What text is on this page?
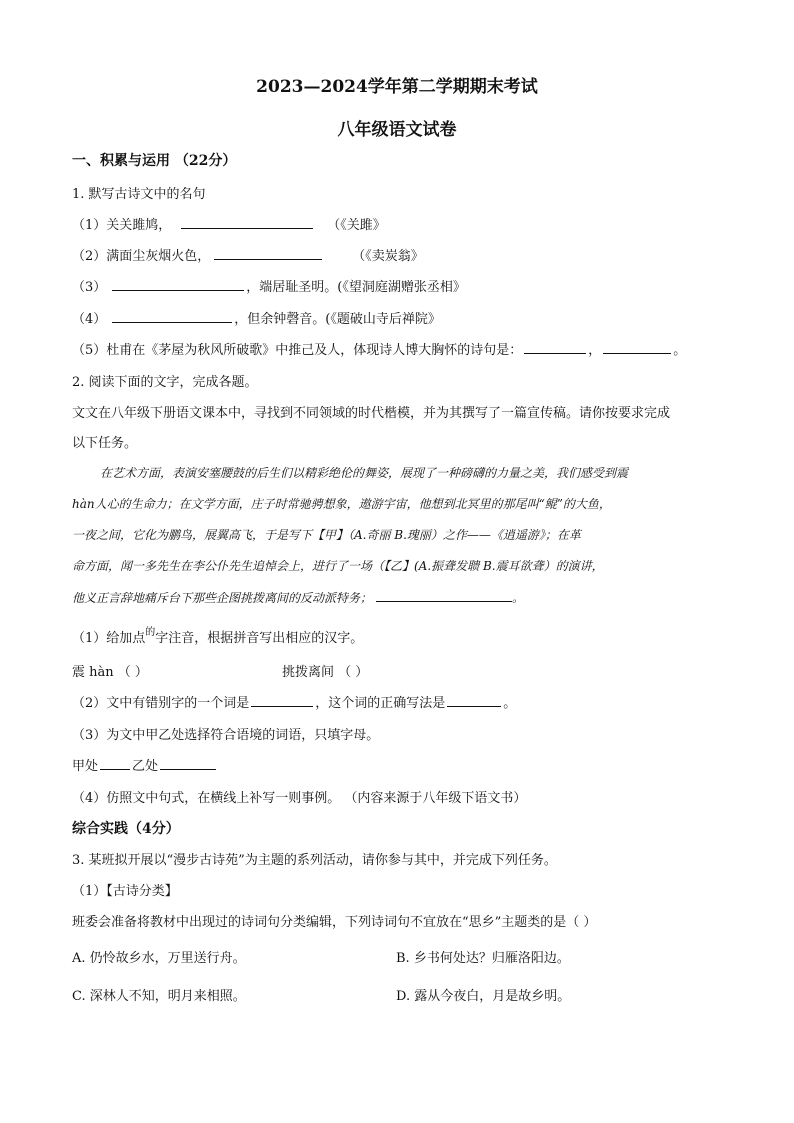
2023—2024学年第二学期期末考试
八年级语文试卷
一、积累与运用 （22分）
1. 默写古诗文中的名句
（1）关关雎鸠，	（《关雎》
（2）满面尘灰烟火色，	（《卖炭翁》
（3）	，端居耻圣明。(《望洞庭湖赠张丞相》
（4）	，但余钟磬音。(《题破山寺后禅院》
（5）杜甫在《茅屋为秋风所破歌》中推己及人，体现诗人博大胸怀的诗句是：	，	。
2. 阅读下面的文字，完成各题。
文文在八年级下册语文课本中，寻找到不同领域的时代楷模，并为其撰写了一篇宣传稿。请你按要求完成
以下任务。
在艺术方面，表演安塞腰鼓的后生们以精彩绝伦的舞姿，展现了一种磅礴的力量之美，我们感受到震
hàn人心的生命力；在文学方面，庄子时常驰骋想象，遨游宇宙，他想到北冥里的那尾叫“鲲”的大鱼，
一夜之间，它化为鹏鸟，展翼高飞，于是写下【甲】（A.奇丽 B.瑰丽）之作——《逍遥游》；在革
命方面，闻一多先生在李公仆先生追悼会上，进行了一场（【乙】(A.振聋发聩 B.震耳欲聋）的演讲，
他义正言辞地痛斥台下那些企图挑拨离间的反动派特务；	。
（1）给加点$^的$字注音，根据拼音写出相应的汉字。
震 hàn （ ）	挑拨离间 （ ）
（2）文中有错别字的一个词是	，这个词的正确写法是	。
（3）为文中甲乙处选择符合语境的词语，只填字母。
甲处	乙处
（4）仿照文中句式，在横线上补写一则事例。 （内容来源于八年级下语文书）
综合实践（4分）
3. 某班拟开展以“漫步古诗苑”为主题的系列活动，请你参与其中，并完成下列任务。
（1）【古诗分类】
班委会准备将教材中出现过的诗词句分类编辑，下列诗词句不宜放在“思乡”主题类的是（ ）
A. 仍怜故乡水，万里送行舟。	B. 乡书何处达？归雁洛阳边。
C. 深林人不知，明月来相照。	D. 露从今夜白，月是故乡明。
